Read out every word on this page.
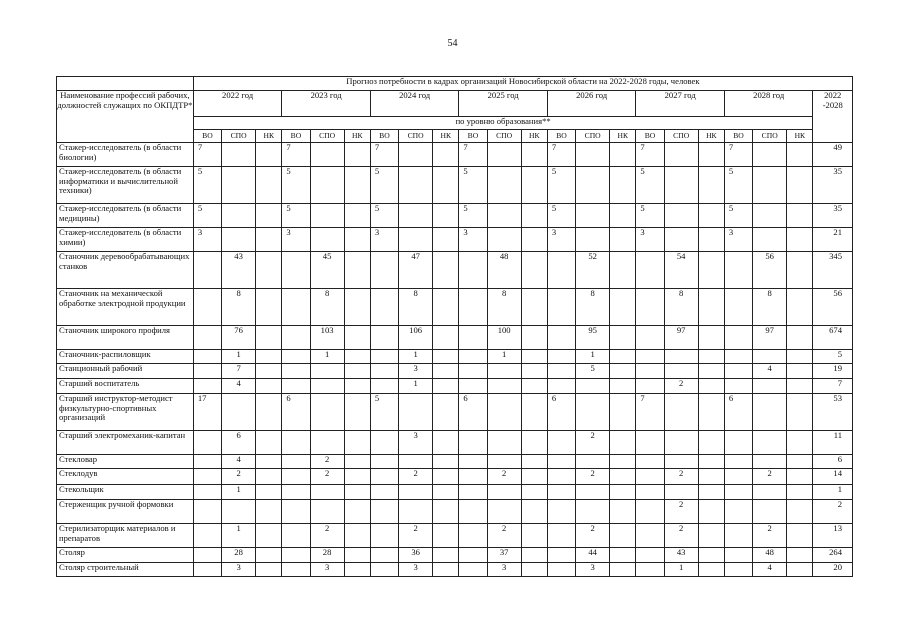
54
	Прогноз потребности в кадрах организаций Новосибирской области на 2022-2028 годы, человек																					
Наименование профессий рабочих, должностей служащих по ОКПДТР*	2022 год			2023 год			2024 год			2025 год			2026 год			2027 год			2028 год			2022 -2028
	по уровню образования**																					
	ВО	СПО	НК	ВО	СПО	НК	ВО	СПО	НК	ВО	СПО	НК	ВО	СПО	НК	ВО	СПО	НК	ВО	СПО	НК	
Стажер-исследователь (в области биологии)	7			7			7			7			7			7			7			49
Стажер-исследователь (в области информатики и вычислительной техники)	5			5			5			5			5			5			5			35
Стажер-исследователь (в области медицины)	5			5			5			5			5			5			5			35
Стажер-исследователь (в области химии)	3			3			3			3			3			3			3			21
Станочник деревообрабатывающих станков		43			45			47			48			52			54			56		345
Станочник на механической обработке электродной продукции		8			8			8			8			8			8			8		56
Станочник широкого профиля		76			103			106			100			95			97			97		674
Станочник-распиловщик		1			1			1			1			1								5
Станционный рабочий		7						3						5						4		19
Старший воспитатель		4						1									2					7
Старший инструктор-методист физкультурно-спортивных организаций	17			6			5			6			6			7			6			53
Старший электромеханик-капитан		6						3						2								11
Стекловар		4			2																	6
Стеклодув		2			2			2			2			2			2			2		14
Стекольщик		1																				1
Стерженщик ручной формовки																	2					2
Стерилизаторщик материалов и препаратов		1			2			2			2			2			2			2		13
Столяр		28			28			36			37			44			43			48		264
Столяр строительный		3			3			3			3			3			1			4		20
